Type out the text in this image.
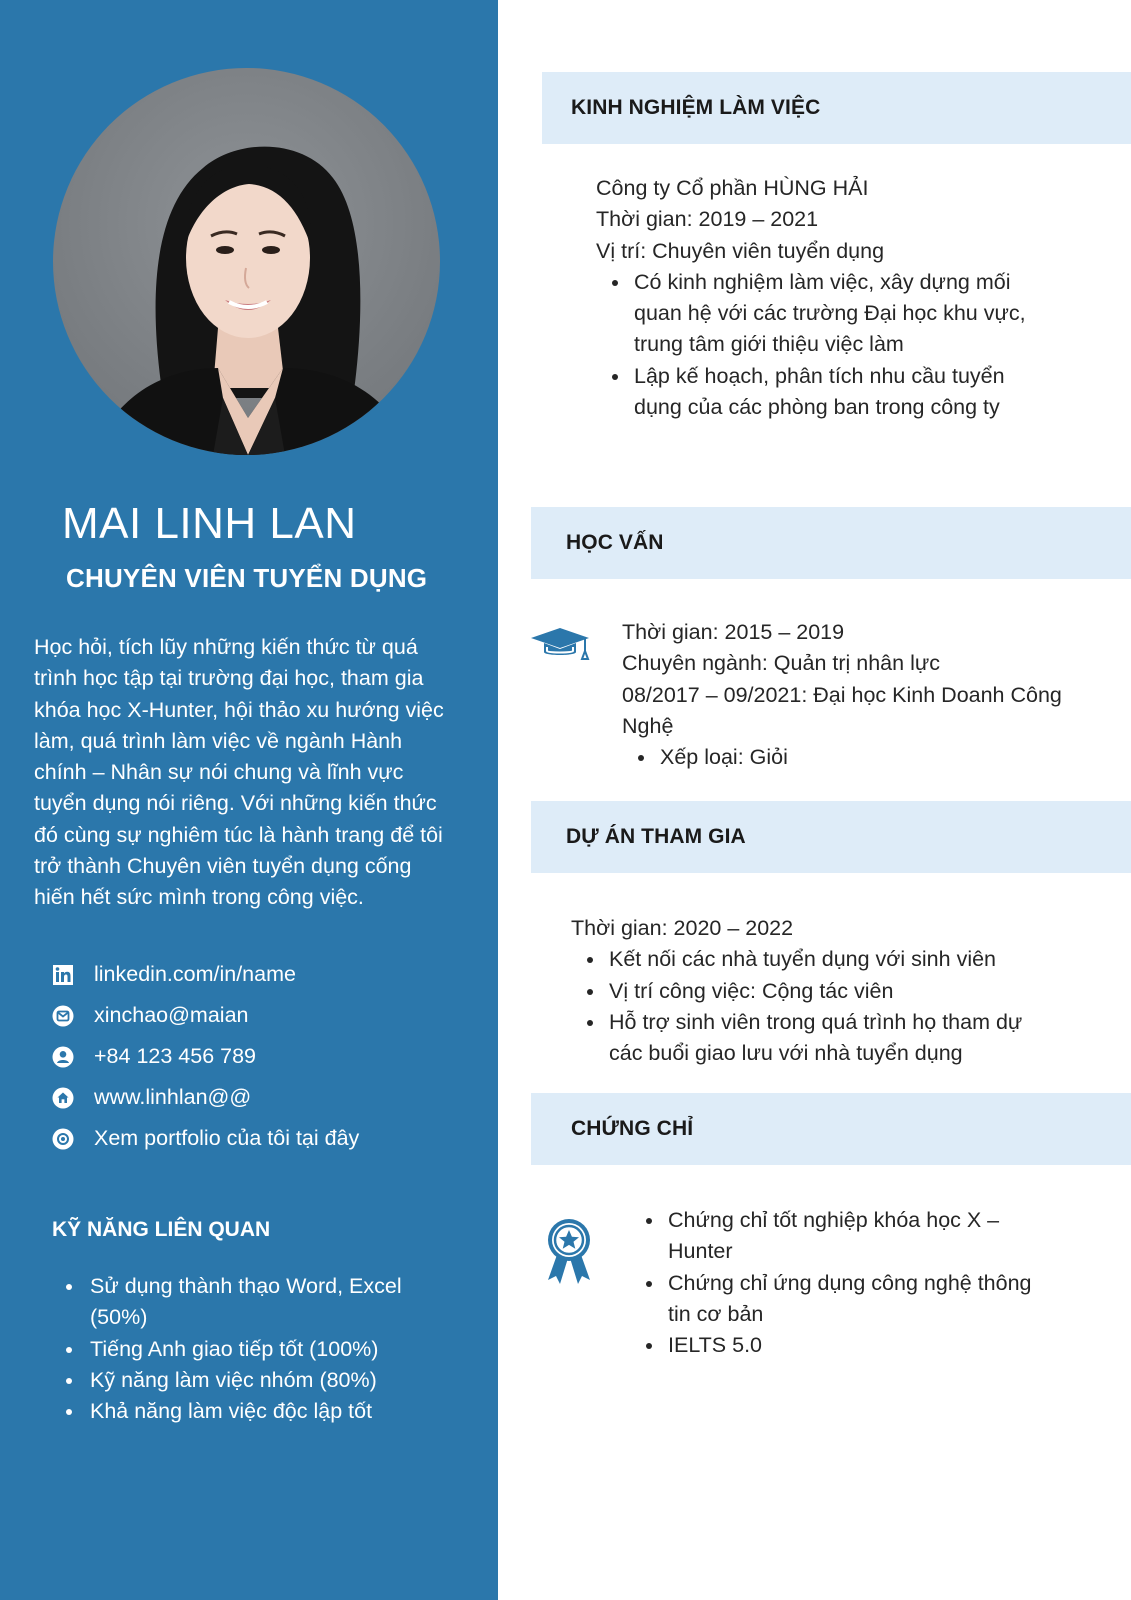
MAI LINH LAN
CHUYÊN VIÊN TUYỂN DỤNG

Học hỏi, tích lũy những kiến thức từ quá trình học tập tại trường đại học, tham gia khóa học X-Hunter, hội thảo xu hướng việc làm, quá trình làm việc về ngành Hành chính – Nhân sự nói chung và lĩnh vực tuyển dụng nói riêng. Với những kiến thức đó cùng sự nghiêm túc là hành trang để tôi trở thành Chuyên viên tuyển dụng cống hiến hết sức mình trong công việc.

linkedin.com/in/name
xinchao@maian
+84 123 456 789
www.linhlan@@
Xem portfolio của tôi tại đây
KỸ NĂNG LIÊN QUAN
Sử dụng thành thạo Word, Excel (50%)
Tiếng Anh giao tiếp tốt (100%)
Kỹ năng làm việc nhóm (80%)
Khả năng làm việc độc lập tốt
KINH NGHIỆM LÀM VIỆC
Công ty Cổ phần HÙNG HẢI
Thời gian: 2019 – 2021
Vị trí: Chuyên viên tuyển dụng
Có kinh nghiệm làm việc, xây dựng mối quan hệ với các trường Đại học khu vực, trung tâm giới thiệu việc làm
Lập kế hoạch, phân tích nhu cầu tuyển dụng của các phòng ban trong công ty
HỌC VẤN
Thời gian: 2015 – 2019
Chuyên ngành: Quản trị nhân lực
08/2017 – 09/2021: Đại học Kinh Doanh Công Nghệ
Xếp loại: Giỏi
DỰ ÁN THAM GIA
Thời gian: 2020 – 2022
Kết nối các nhà tuyển dụng với sinh viên
Vị trí công việc: Cộng tác viên
Hỗ trợ sinh viên trong quá trình họ tham dự các buổi giao lưu với nhà tuyển dụng
CHỨNG CHỈ
Chứng chỉ tốt nghiệp khóa học X – Hunter
Chứng chỉ ứng dụng công nghệ thông tin cơ bản
IELTS 5.0
